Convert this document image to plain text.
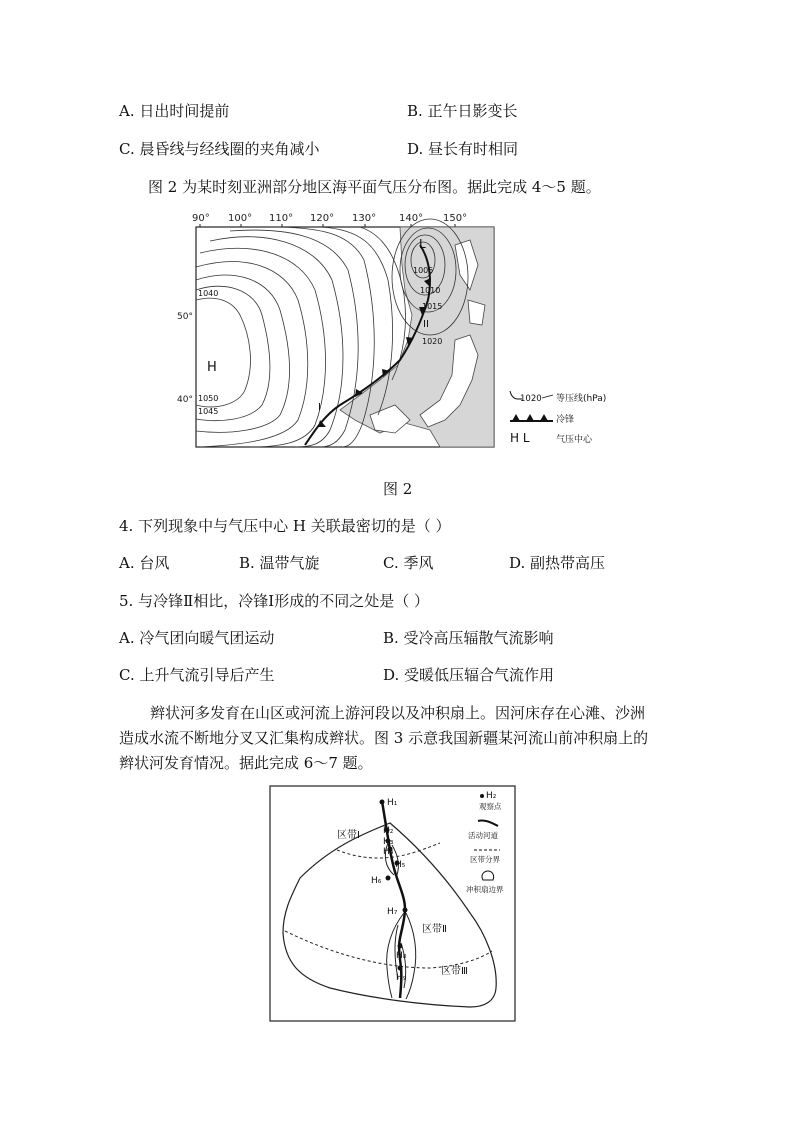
A. 日出时间提前	B. 正午日影变长
C. 晨昏线与经线圈的夹角减小	D. 昼长有时相同
图 2 为某时刻亚洲部分地区海平面气压分布图。据此完成 4～5 题。
90° 100° 110° 120° 130° 140° 150°
H
L
I
II
1040
1050
1045
1005
1010
1015
1020
50°
40°	1020 等压线(hPa)
冷锋
H L	气压中心
图 2
4. 下列现象中与气压中心 H 关联最密切的是（ ）
A. 台风	B. 温带气旋	C. 季风	D. 副热带高压
5. 与冷锋Ⅱ相比，冷锋Ⅰ形成的不同之处是（ ）
A. 冷气团向暖气团运动	B. 受冷高压辐散气流影响
C. 上升气流引导后产生	D. 受暖低压辐合气流作用
辫状河多发育在山区或河流上游河段以及冲积扇上。因河床存在心滩、沙洲
造成水流不断地分叉又汇集构成辫状。图 3 示意我国新疆某河流山前冲积扇上的
辫状河发育情况。据此完成 6～7 题。
H₁
H₂
H₃
H₄
H₅
H₆
H₇
H₈
H₉
区带Ⅰ
区带Ⅱ
区带Ⅲ
H₂
观察点
活动河道
区带分界
冲积扇边界
